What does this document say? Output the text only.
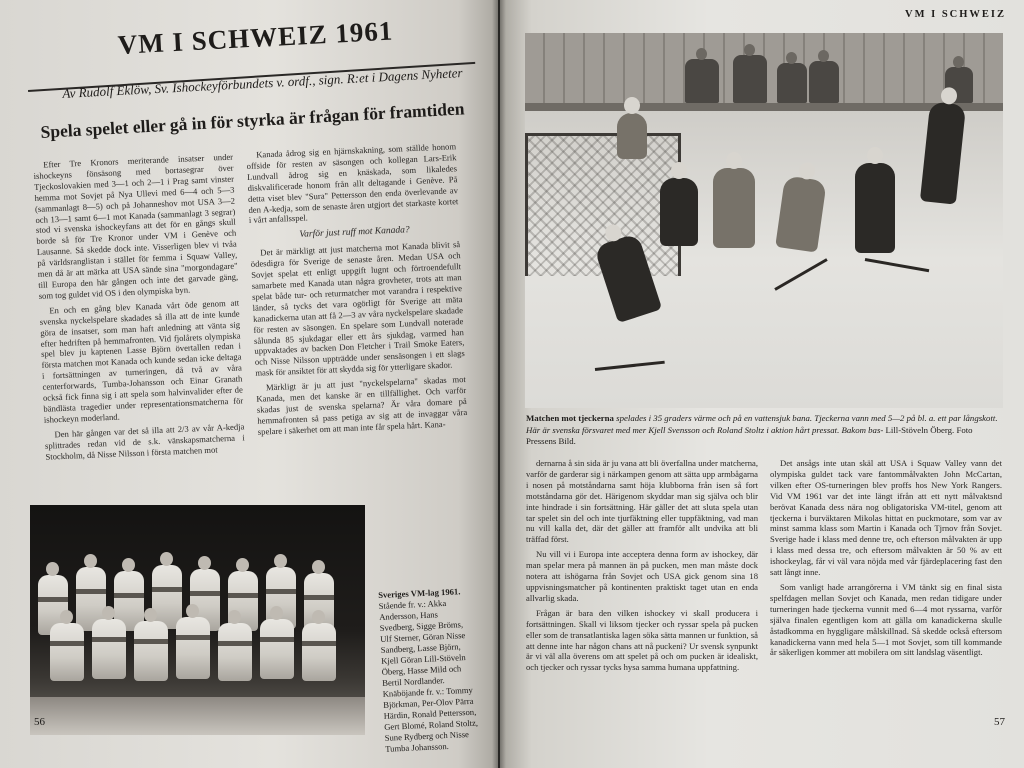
VM I SCHWEIZ 1961
Av Rudolf Eklöw, Sv. Ishockeyförbundets v. ordf., sign. R:et i Dagens Nyheter
Spela spelet eller gå in för styrka är frågan för framtiden

Efter Tre Kronors meriterande insatser under ishockeyns fönsäsong med bortasegrar över Tjeckoslovakien med 3—1 och 2—1 i Prag samt vinster hemma mot Sovjet på Nya Ullevi med 6—4 och 5—3 (sammanlagt 8—5) och på Johanneshov mot USA 3—2 och 13—1 samt 6—1 mot Kanada (sammanlagt 3 segrar) stod vi svenska ishockeyfans att det för en gångs skull borde så för Tre Kronor under VM i Genève och Lausanne. Så skedde dock inte. Visserligen blev vi tvåa på världsranglistan i stället för femma i Squaw Valley, men då är att märka att USA sände sina "morgondagare" till Europa den här gången och inte det garvade gäng, som tog guldet vid OS i den olympiska byn.

En och en gång blev Kanada vårt öde genom att svenska nyckelspelare skadades så illa att de inte kunde göra de insatser, som man haft anledning att vänta sig efter hedriften på hemmafronten. Vid fjolårets olympiska spel blev ju kaptenen Lasse Björn övertallen redan i första matchen mot Kanada och kunde sedan icke deltaga i fortsättningen av turneringen, då två av våra centerforwards, Tumba-Johansson och Einar Granath också fick finna sig i att spela som halvinvalider efter de bändlästa tragedier under representationsmatcherna för ishockeyn moderland.

Den här gången var det så illa att 2/3 av vår A-kedja splittrades redan vid de s.k. vänskapsmatcherna i Stockholm, då Nisse Nilsson i första matchen mot

Kanada ådrog sig en hjärnskakning, som ställde honom offside för resten av säsongen och kollegan Lars-Erik Lundvall ådrog sig en knäskada, som likaledes diskvalificerade honom från allt deltagande i Genève. På detta viset blev "Sura" Pettersson den enda överlevande av den A-kedja, som de senaste åren utgjort det starkaste kortet i vårt anfallsspel.

Varför just ruff mot Kanada?

Det är märkligt att just matcherna mot Kanada blivit så ödesdigra för Sverige de senaste åren. Medan USA och Sovjet spelat ett enligt uppgift lugnt och förtroendefullt samarbete med Kanada utan några grovheter, trots att man spelat både tur- och returmatcher mot varandra i respektive länder, så tycks det vara ogörligt för Sverige att mäta kanadickerna utan att få 2—3 av våra nyckelspelare skadade för resten av säsongen. En spelare som Lundvall noterade sålunda 85 sjukdagar eller ett års sjukdag, varmed han uppvaktades av backen Don Fletcher i Trail Smoke Eaters, och Nisse Nilsson uppträdde under sensäsongen i ett slags mask för ansiktet för att skydda sig för ytterligare skador.

Märkligt är ju att just "nyckelspelarna" skadas mot Kanada, men det kanske är en tillfällighet. Och varför skadas just de svenska spelarna? Är våra domare på hemmafronten så pass petiga av sig att de invaggar våra spelare i säkerhet om att man inte får spela hårt. Kana-

Sveriges VM-lag 1961. Stående fr. v.: Akka Andersson, Hans Svedberg, Sigge Bröms, Ulf Sterner, Göran Nisse Sandberg, Lasse Björn, Kjell Göran Lill-Stöveln Öberg, Hasse Mild och Bertil Nordlander. Knäböjande fr. v.: Tommy Björkman, Per-Olov Pärra Härdin, Ronald Pettersson, Gert Blomé, Roland Stoltz, Sune Rydberg och Nisse Tumba Johansson.
56
VM I SCHWEIZ
Matchen mot tjeckerna spelades i 35 graders värme och på en vattensjuk bana. Tjeckerna vann med 5—2 på bl. a. ett par långskott. Här är svenska försvaret med mer Kjell Svensson och Roland Stoltz i aktion hårt pressat. Bakom bas- Lill-Stöveln Öberg. Foto Pressens Bild.

dernarna å sin sida är ju vana att bli överfallna under matcherna, varför de garderar sig i närkampen genom att sätta upp armbågarna i nosen på motståndarna samt höja klubborna från isen så fort motståndarna gör det. Härigenom skyddar man sig själva och blir inte hindrade i sin fortsättning. Här gäller det att sluta spela utan tar spelet sin del och inte tjurfäktning eller tuppfäktning, vad man nu vill kalla det, där det gäller att framför allt undvika att bli träffad först.

Nu vill vi i Europa inte acceptera denna form av ishockey, där man spelar mera på mannen än på pucken, men man måste dock notera att ishögarna från Sovjet och USA gick genom sina 18 uppvisningsmatcher på kontinenten praktiskt taget utan en enda allvarlig skada.

Frågan är bara den vilken ishockey vi skall producera i fortsättningen. Skall vi liksom tjecker och ryssar spela på pucken eller som de transatlantiska lagen söka sätta mannen ur funktion, så att denne inte har någon chans att nå puckeni? Ur svensk synpunkt är vi väl alla överens om att spelet på och om pucken är idealiskt, och tjecker och ryssar tycks hysa samma humana uppfattning.

Det ansågs inte utan skäl att USA i Squaw Valley vann det olympiska guldet tack vare fantommålvakten John McCartan, vilken efter OS-turneringen blev proffs hos New York Rangers. Vid VM 1961 var det inte längt ifrån att ett nytt målvaktsnd berövat Kanada dess nära nog obligatoriska VM-titel, genom att tjeckerna i burväktaren Mikolas hittat en puckmotare, som var av minst samma klass som Martin i Kanada och Tjrnov från Sovjet. Sverige hade i klass med denne tre, och efterson målvakten är upp i klass med dessa tre, och eftersom målvakten är 50 % av ett ishockeylag, får vi väl vara nöjda med vår fjärdeplacering fast den satt långt inne.

Som vanligt hade arrangörerna i VM tänkt sig en final sista spelfdagen mellan Sovjet och Kanada, men redan tidigare under turneringen hade tjeckerna vunnit med 6—4 mot ryssarna, varför själva finalen egentligen kom att gälla om kanadickerna skulle åstadkomma en hyggligare målskillnad. Så skedde också eftersom kanadickerna vann med hela 5—1 mot Sovjet, som till kommande år säkerligen kommer att mobilera om sitt landslag väsentligt.

57
